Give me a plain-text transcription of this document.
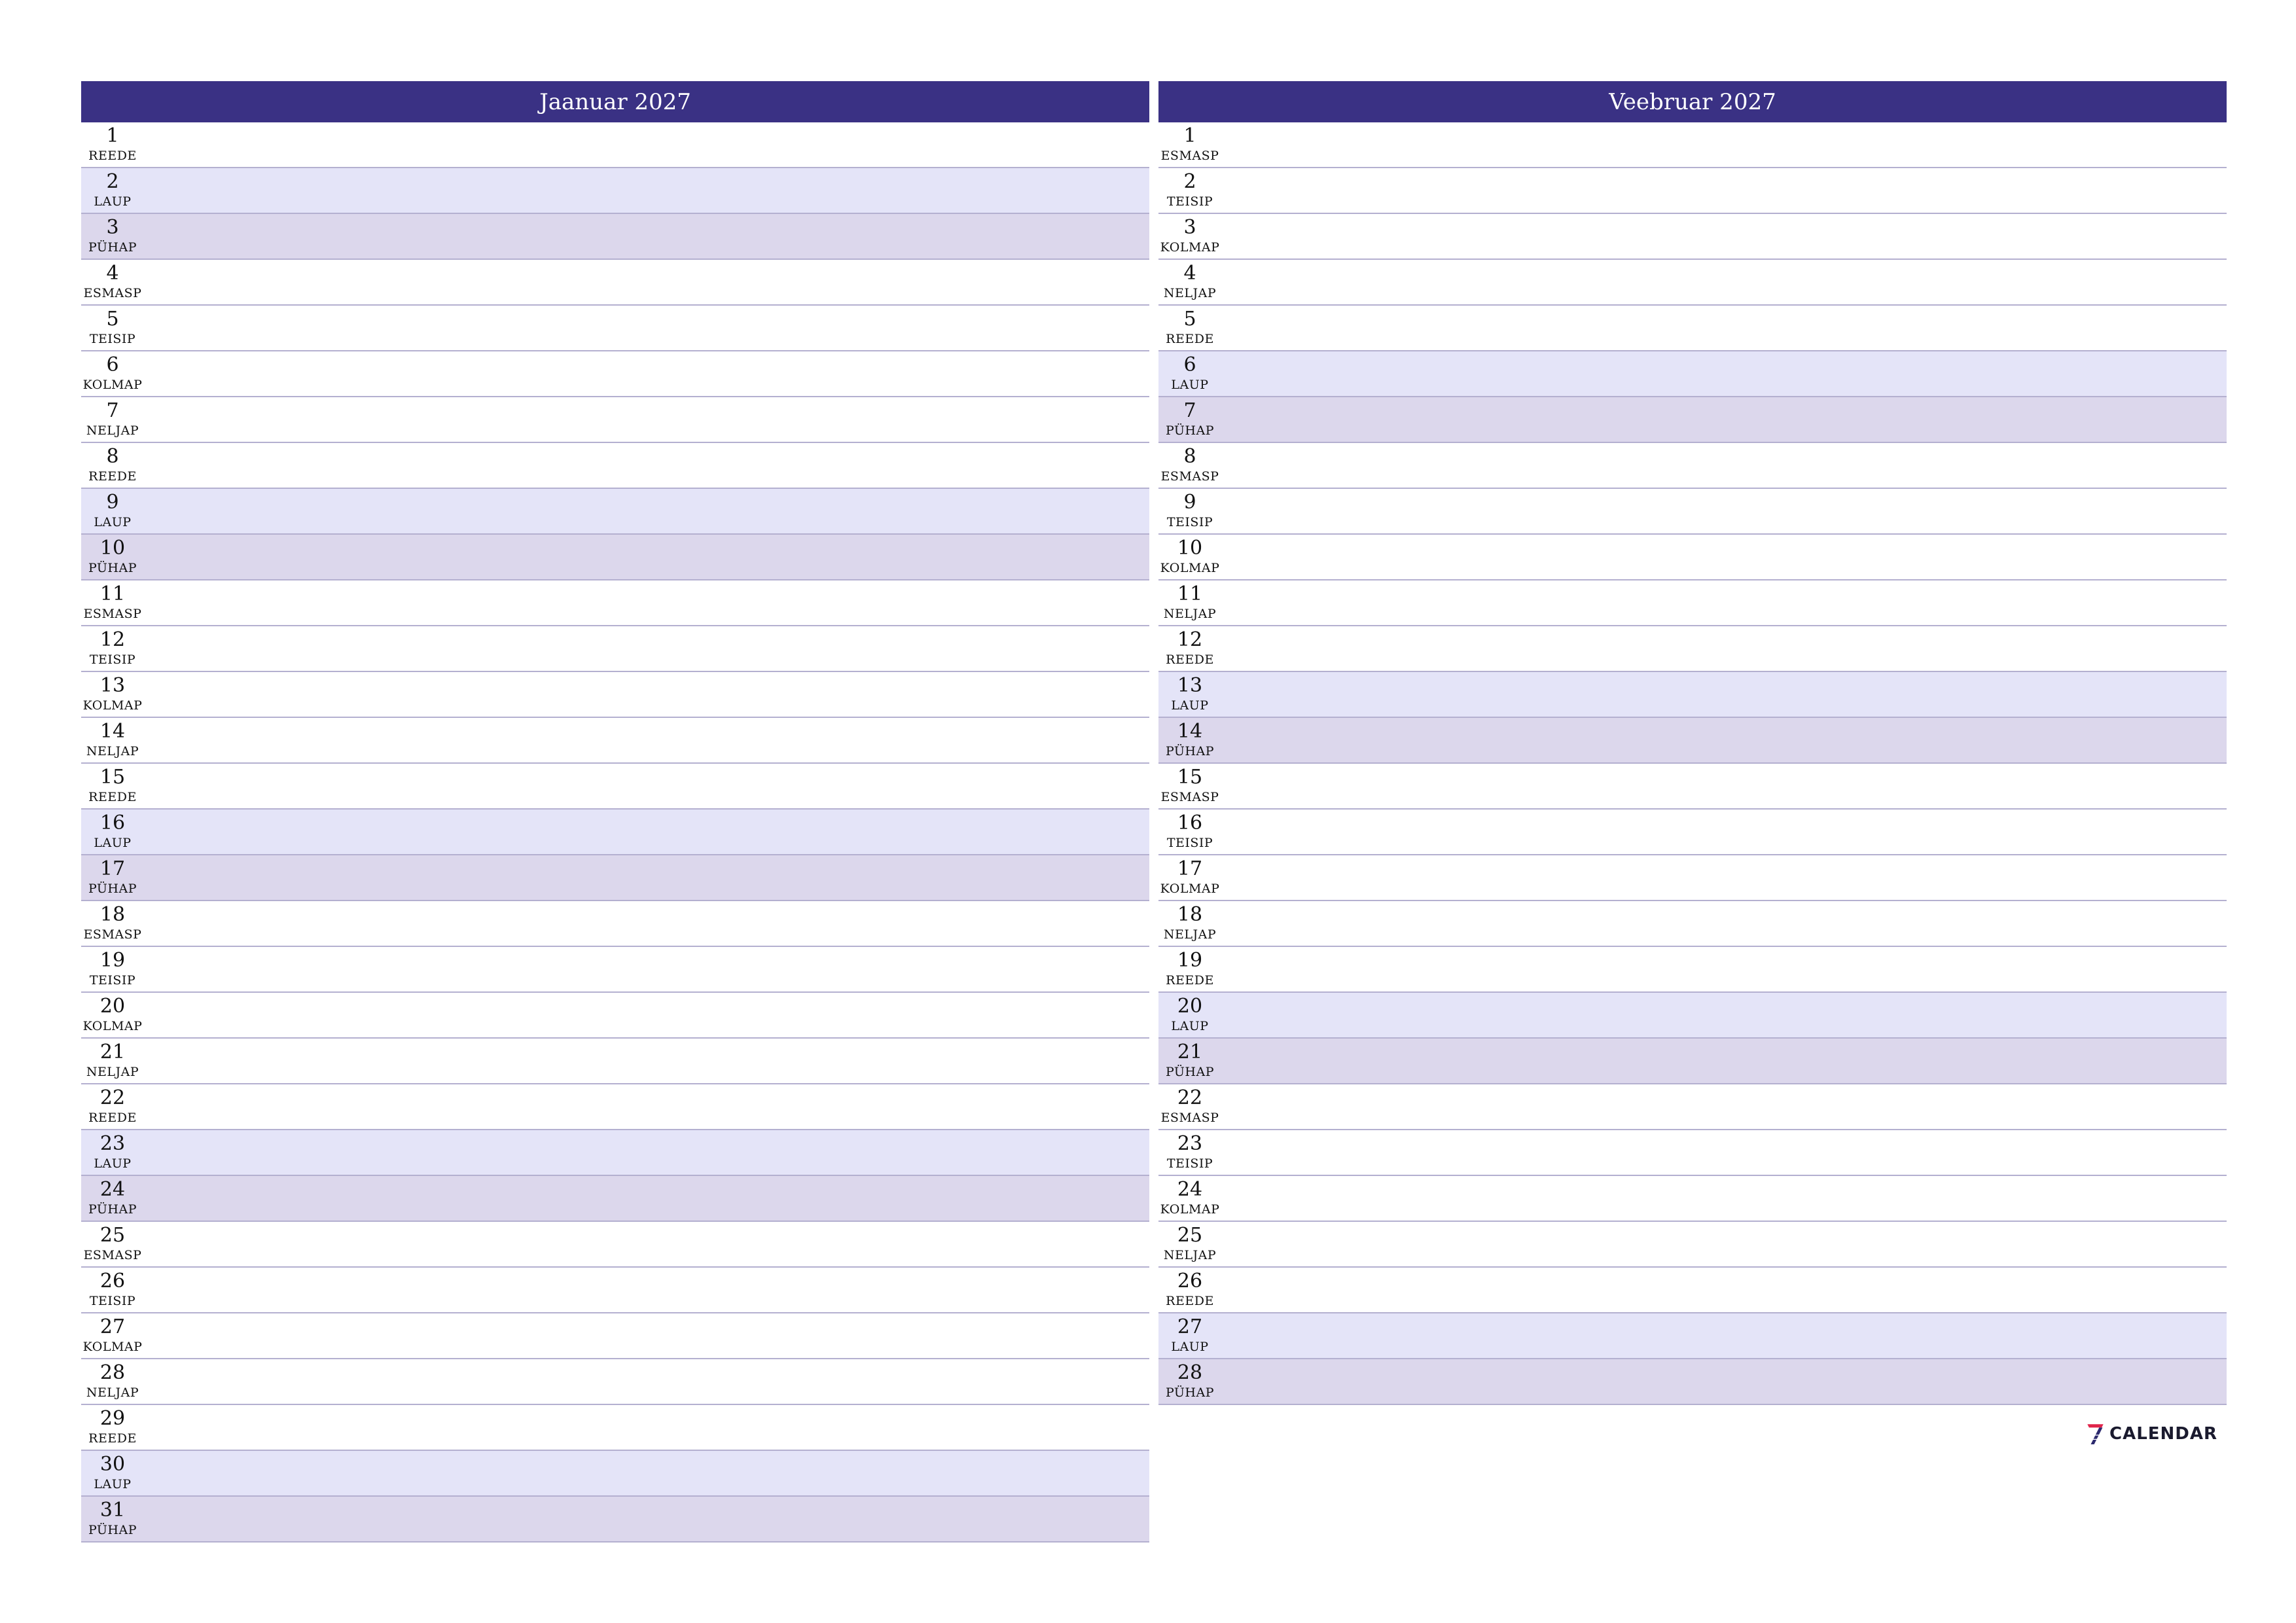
Jaanuar 2027
1
REEDE
2
LAUP
3
PÜHAP
4
ESMASP
5
TEISIP
6
KOLMAP
7
NELJAP
8
REEDE
9
LAUP
10
PÜHAP
11
ESMASP
12
TEISIP
13
KOLMAP
14
NELJAP
15
REEDE
16
LAUP
17
PÜHAP
18
ESMASP
19
TEISIP
20
KOLMAP
21
NELJAP
22
REEDE
23
LAUP
24
PÜHAP
25
ESMASP
26
TEISIP
27
KOLMAP
28
NELJAP
29
REEDE
30
LAUP
31
PÜHAP
Veebruar 2027
1
ESMASP
2
TEISIP
3
KOLMAP
4
NELJAP
5
REEDE
6
LAUP
7
PÜHAP
8
ESMASP
9
TEISIP
10
KOLMAP
11
NELJAP
12
REEDE
13
LAUP
14
PÜHAP
15
ESMASP
16
TEISIP
17
KOLMAP
18
NELJAP
19
REEDE
20
LAUP
21
PÜHAP
22
ESMASP
23
TEISIP
24
KOLMAP
25
NELJAP
26
REEDE
27
LAUP
28
PÜHAP
CALENDAR
